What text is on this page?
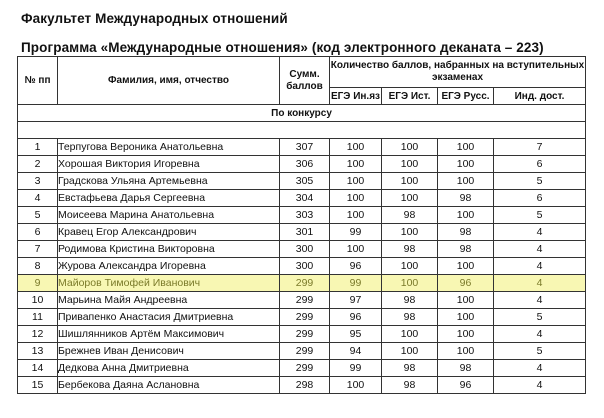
Факультет Международных отношений
Программа «Международные отношения» (код электронного деканата – 223)
№ пп	Фамилия, имя, отчество	Сумм. баллов	Количество баллов, набранных на вступительных экзаменах			
			ЕГЭ Ин.яз	ЕГЭ Ист.	ЕГЭ Русс.	Инд. дост.
По конкурсу						

1	Терпугова Вероника Анатольевна	307	100	100	100	7
2	Хорошая Виктория Игоревна	306	100	100	100	6
3	Градскова Ульяна Артемьевна	305	100	100	100	5
4	Евстафьева Дарья Сергеевна	304	100	100	98	6
5	Моисеева Марина Анатольевна	303	100	98	100	5
6	Кравец Егор Александрович	301	99	100	98	4
7	Родимова Кристина Викторовна	300	100	98	98	4
8	Журова Александра Игоревна	300	96	100	100	4
9	Майоров Тимофей Иванович	299	99	100	96	4
10	Марьина Майя Андреевна	299	97	98	100	4
11	Привапенко Анастасия Дмитриевна	299	96	98	100	5
12	Шишлянников Артём Максимович	299	95	100	100	4
13	Брежнев Иван Денисович	299	94	100	100	5
14	Дедкова Анна Дмитриевна	299	99	98	98	4
15	Бербекова Даяна Аслановна	298	100	98	96	4
